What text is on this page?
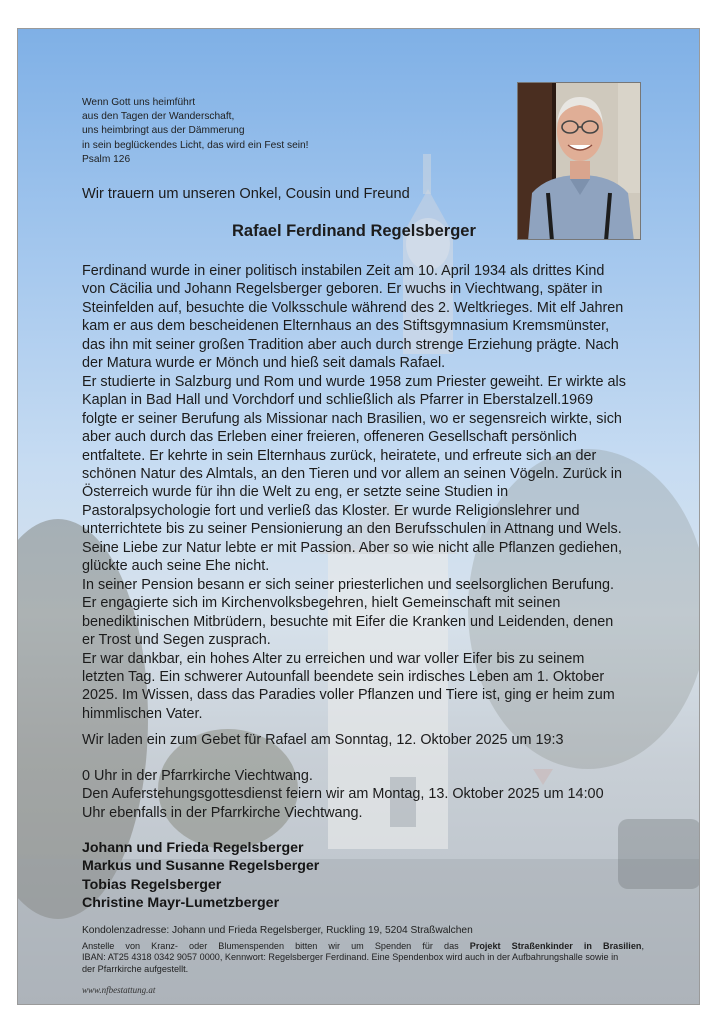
Wenn Gott uns heimführt
aus den Tagen der Wanderschaft,
uns heimbringt aus der Dämmerung
in sein beglückendes Licht, das wird ein Fest sein!
Psalm 126
Wir trauern um unseren Onkel, Cousin und Freund
Rafael Ferdinand Regelsberger
Ferdinand wurde in einer politisch instabilen Zeit am 10. April 1934 als drittes Kind
von Cäcilia und Johann Regelsberger geboren. Er wuchs in Viechtwang, später in
Steinfelden auf, besuchte die Volksschule während des 2. Weltkrieges. Mit elf Jahren
kam er aus dem bescheidenen Elternhaus an des Stiftsgymnasium Kremsmünster,
das ihn mit seiner großen Tradition aber auch durch strenge Erziehung prägte. Nach
der Matura wurde er Mönch und hieß seit damals Rafael.
Er studierte in Salzburg und Rom und wurde 1958 zum Priester geweiht. Er wirkte als
Kaplan in Bad Hall und Vorchdorf und schließlich als Pfarrer in Eberstalzell.1969
folgte er seiner Berufung als Missionar nach Brasilien, wo er segensreich wirkte, sich
aber auch durch das Erleben einer freieren, offeneren Gesellschaft persönlich
entfaltete. Er kehrte in sein Elternhaus zurück, heiratete, und erfreute sich an der
schönen Natur des Almtals, an den Tieren und vor allem an seinen Vögeln. Zurück in
Österreich wurde für ihn die Welt zu eng, er setzte seine Studien in
Pastoralpsychologie fort und verließ das Kloster. Er wurde Religionslehrer und
unterrichtete bis zu seiner Pensionierung an den Berufsschulen in Attnang und Wels.
Seine Liebe zur Natur lebte er mit Passion. Aber so wie nicht alle Pflanzen gediehen,
glückte auch seine Ehe nicht.
In seiner Pension besann er sich seiner priesterlichen und seelsorglichen Berufung.
Er engagierte sich im Kirchenvolksbegehren, hielt Gemeinschaft mit seinen
benediktinischen Mitbrüdern, besuchte mit Eifer die Kranken und Leidenden, denen
er Trost und Segen zusprach.
Er war dankbar, ein hohes Alter zu erreichen und war voller Eifer bis zu seinem
letzten Tag. Ein schwerer Autounfall beendete sein irdisches Leben am 1. Oktober
2025. Im Wissen, dass das Paradies voller Pflanzen und Tiere ist, ging er heim zum
himmlischen Vater.
Wir laden ein zum Gebet für Rafael am Sonntag, 12. Oktober 2025 um 19:3
0 Uhr in der Pfarrkirche Viechtwang.
Den Auferstehungsgottesdienst feiern wir am Montag, 13. Oktober 2025 um 14:00
Uhr ebenfalls in der Pfarrkirche Viechtwang.
Johann und Frieda Regelsberger
Markus und Susanne Regelsberger
Tobias Regelsberger
Christine Mayr-Lumetzberger
Kondolenzadresse: Johann und Frieda Regelsberger, Ruckling 19, 5204 Straßwalchen
Anstelle von Kranz- oder Blumenspenden bitten wir um Spenden für das Projekt Straßenkinder in Brasilien,
IBAN: AT25 4318 0342 9057 0000, Kennwort: Regelsberger Ferdinand. Eine Spendenbox wird auch in der Aufbahrungshalle sowie in
der Pfarrkirche aufgestellt.
www.nfbestattung.at
